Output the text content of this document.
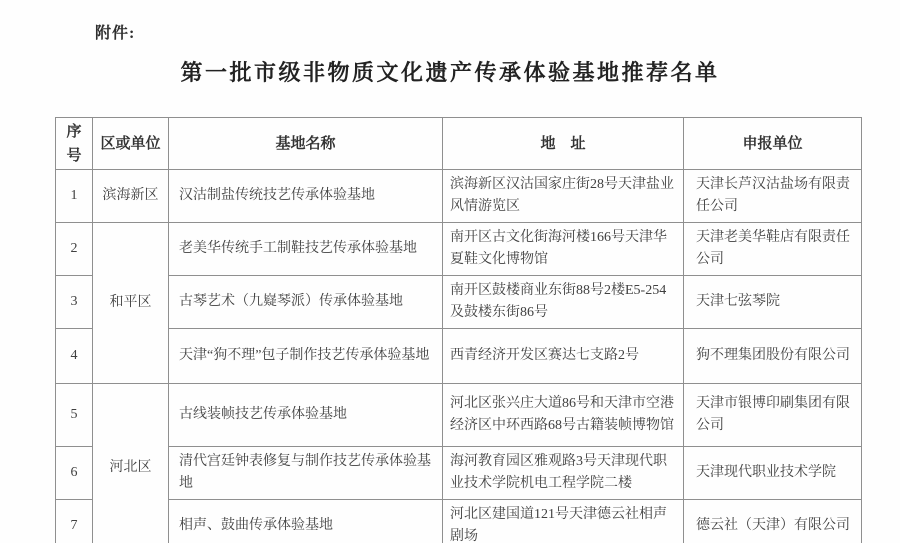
附件:
第一批市级非物质文化遗产传承体验基地推荐名单
序号	区或单位	基地名称	地　址	申报单位
1	滨海新区	汉沽制盐传统技艺传承体验基地	滨海新区汉沽国家庄街28号天津盐业风情游览区	天津长芦汉沽盐场有限责任公司
2	和平区	老美华传统手工制鞋技艺传承体验基地	南开区古文化街海河楼166号天津华夏鞋文化博物馆	天津老美华鞋店有限责任公司
3		古琴艺术（九嶷琴派）传承体验基地	南开区鼓楼商业东街88号2楼E5-254及鼓楼东街86号	天津七弦琴院
4		天津“狗不理”包子制作技艺传承体验基地	西青经济开发区赛达七支路2号	狗不理集团股份有限公司
5	河北区	古线装帧技艺传承体验基地	河北区张兴庄大道86号和天津市空港经济区中环西路68号古籍装帧博物馆	天津市银博印刷集团有限公司
6		清代宫廷钟表修复与制作技艺传承体验基地	海河教育园区雅观路3号天津现代职业技术学院机电工程学院二楼	天津现代职业技术学院
7		相声、鼓曲传承体验基地	河北区建国道121号天津德云社相声剧场	德云社（天津）有限公司
